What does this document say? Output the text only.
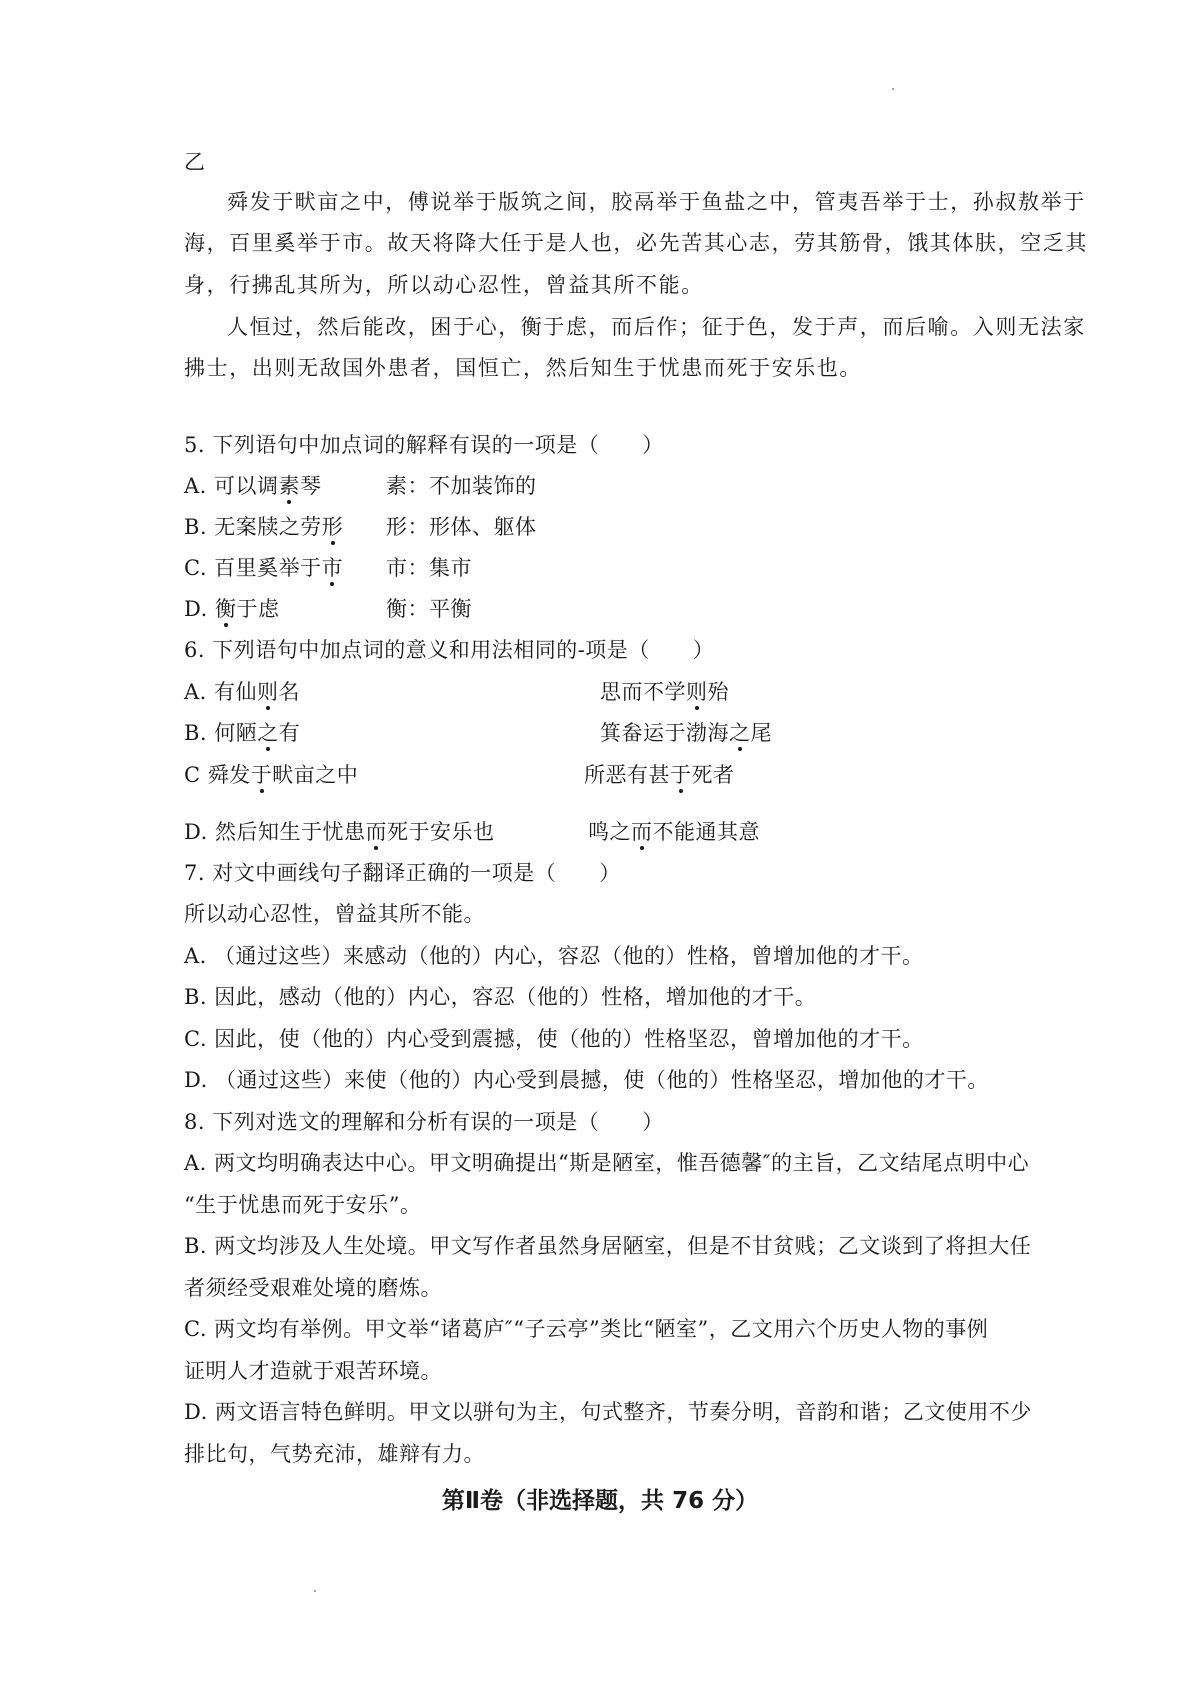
乙
舜发于畎亩之中，傅说举于版筑之间，胶鬲举于鱼盐之中，管夷吾举于士，孙叔敖举于
海，百里奚举于市。故天将降大任于是人也，必先苦其心志，劳其筋骨，饿其体肤，空乏其
身，行拂乱其所为，所以动心忍性，曾益其所不能。
人恒过，然后能改，困于心，衡于虑，而后作；征于色，发于声，而后喻。入则无法家
拂士，出则无敌国外患者，国恒亡，然后知生于忧患而死于安乐也。
5. 下列语句中加点词的解释有误的一项是（　　）
A. 可以调素琴	素：不加装饰的
B. 无案牍之劳形 形：形体、躯体
C. 百里奚举于市 市：集市
D. 衡于虑	衡：平衡
6. 下列语句中加点词的意义和用法相同的-项是（　　）
A. 有仙则名	思而不学则殆
B. 何陋之有	箕畚运于渤海之尾
C 舜发于畎亩之中	所恶有甚于死者
D. 然后知生于忧患而死于安乐也	鸣之而不能通其意
7. 对文中画线句子翻译正确的一项是（　　）
所以动心忍性，曾益其所不能。
A. （通过这些）来感动（他的）内心，容忍（他的）性格，曾增加他的才干。
B. 因此，感动（他的）内心，容忍（他的）性格，增加他的才干。
C. 因此，使（他的）内心受到震撼，使（他的）性格坚忍，曾增加他的才干。
D. （通过这些）来使（他的）内心受到晨撼，使（他的）性格坚忍，增加他的才干。
8. 下列对选文的理解和分析有误的一项是（　　）
A. 两文均明确表达中心。甲文明确提出“斯是陋室，惟吾德馨″的主旨，乙文结尾点明中心
“生于忧患而死于安乐”。
B. 两文均涉及人生处境。甲文写作者虽然身居陋室，但是不甘贫贱；乙文谈到了将担大任
者须经受艰难处境的磨炼。
C. 两文均有举例。甲文举“诸葛庐″“子云亭”类比“陋室”，乙文用六个历史人物的事例
证明人才造就于艰苦环境。
D. 两文语言特色鲜明。甲文以骈句为主，句式整齐，节奏分明，音韵和谐；乙文使用不少
排比句，气势充沛，雄辩有力。
第Ⅱ卷（非选择题，共 76 分）
